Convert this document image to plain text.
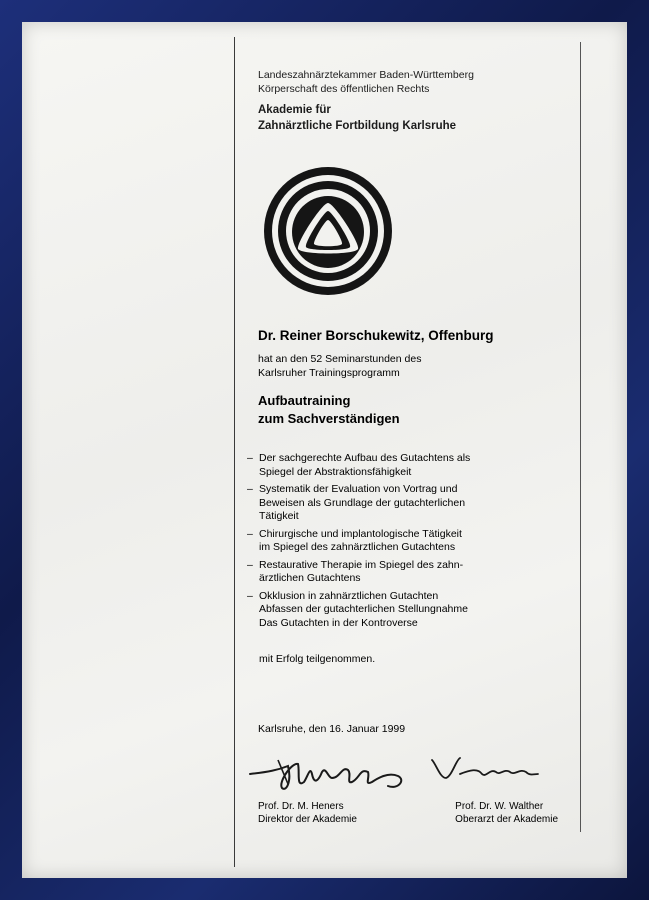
Landeszahnärztekammer Baden-Württemberg
Körperschaft des öffentlichen Rechts
Akademie für
Zahnärztliche Fortbildung Karlsruhe
Dr. Reiner Borschukewitz, Offenburg
hat an den 52 Seminarstunden des
Karlsruher Trainingsprogramm
Aufbautraining
zum Sachverständigen
– Der sachgerechte Aufbau des Gutachtens als
Spiegel der Abstraktionsfähigkeit
– Systematik der Evaluation von Vortrag und
Beweisen als Grundlage der gutachterlichen
Tätigkeit
– Chirurgische und implantologische Tätigkeit
im Spiegel des zahnärztlichen Gutachtens
– Restaurative Therapie im Spiegel des zahn-
ärztlichen Gutachtens
– Okklusion in zahnärztlichen Gutachten
Abfassen der gutachterlichen Stellungnahme
Das Gutachten in der Kontroverse
mit Erfolg teilgenommen.
Karlsruhe, den 16. Januar 1999
Prof. Dr. M. Heners
Direktor der Akademie
Prof. Dr. W. Walther
Oberarzt der Akademie
